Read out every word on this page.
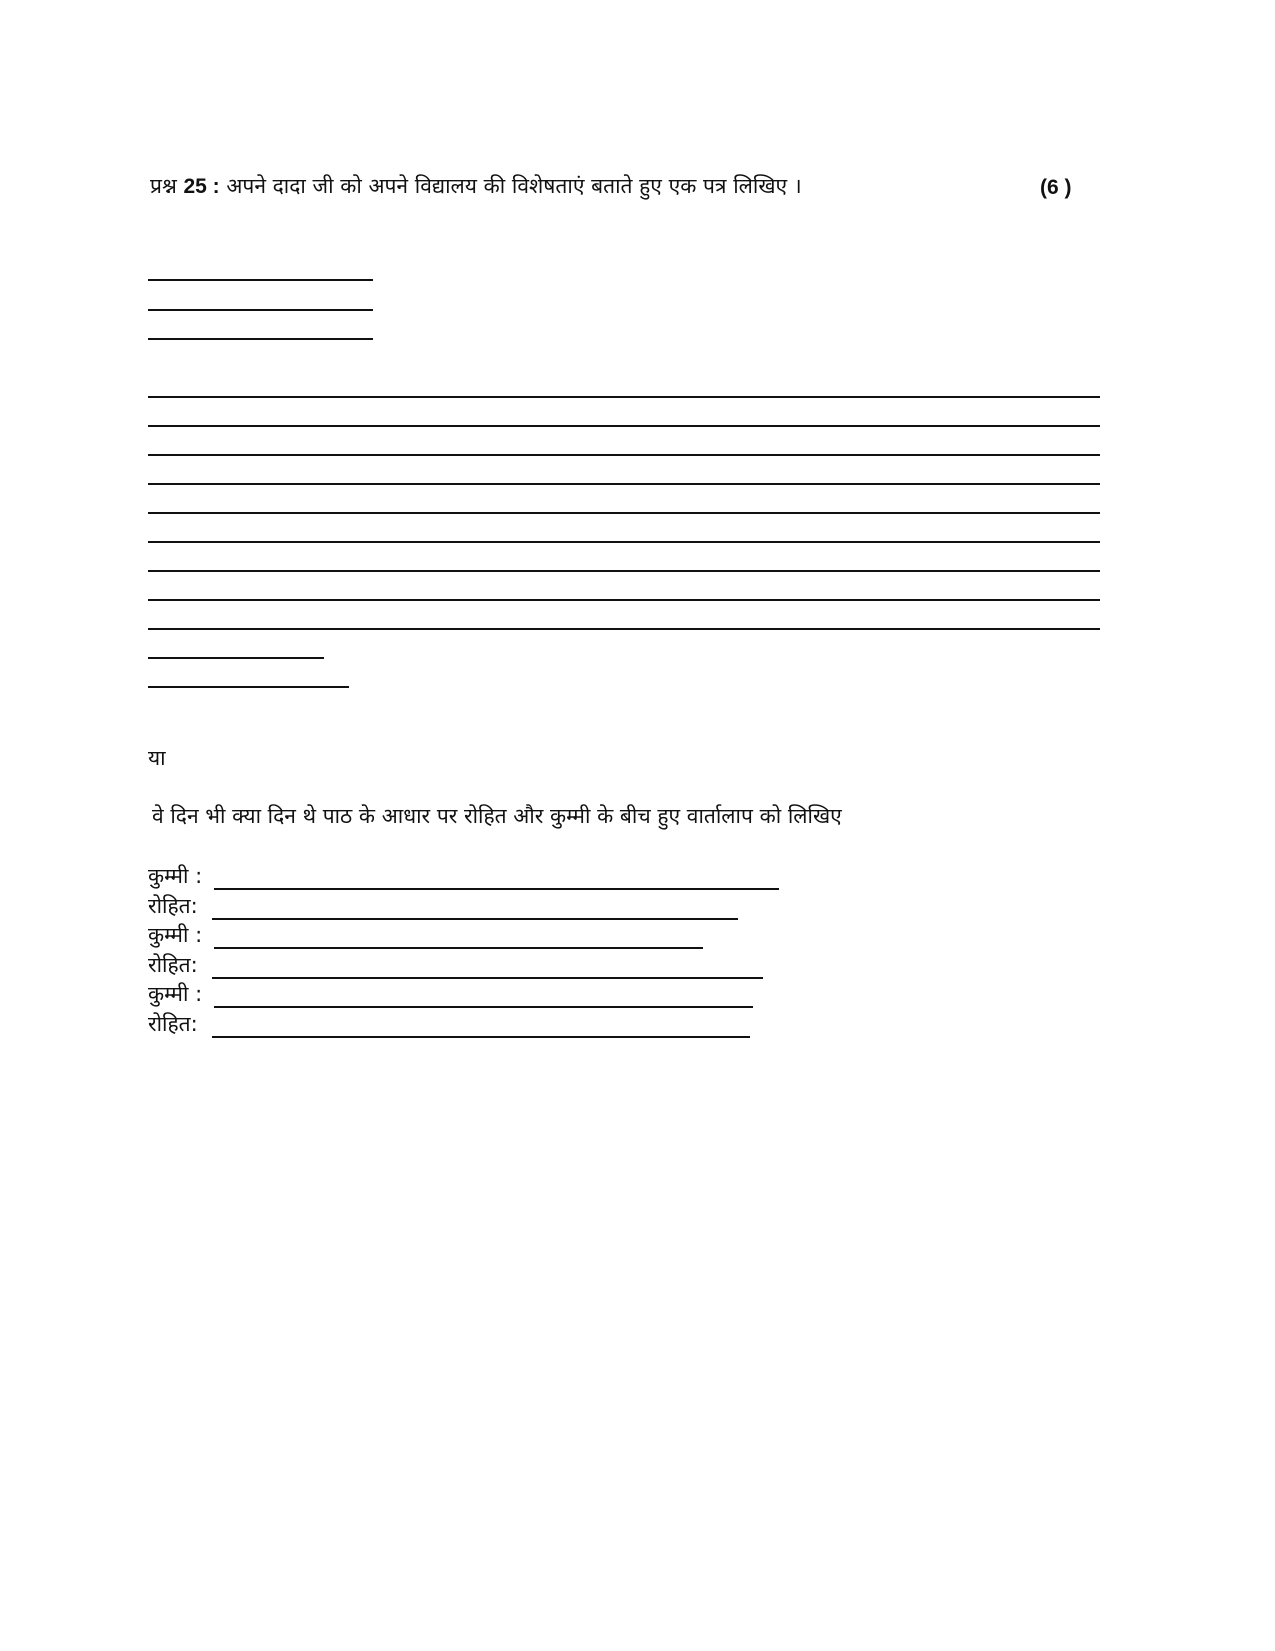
प्रश्न 25 : अपने दादा जी को अपने विद्यालय की विशेषताएं बताते हुए एक पत्र लिखिए ।	(6 )
या
वे दिन भी क्या दिन थे पाठ के आधार पर रोहित और कुम्मी के बीच हुए वार्तालाप को लिखिए
कुम्मी :
रोहित:
कुम्मी :
रोहित:
कुम्मी :
रोहित:
